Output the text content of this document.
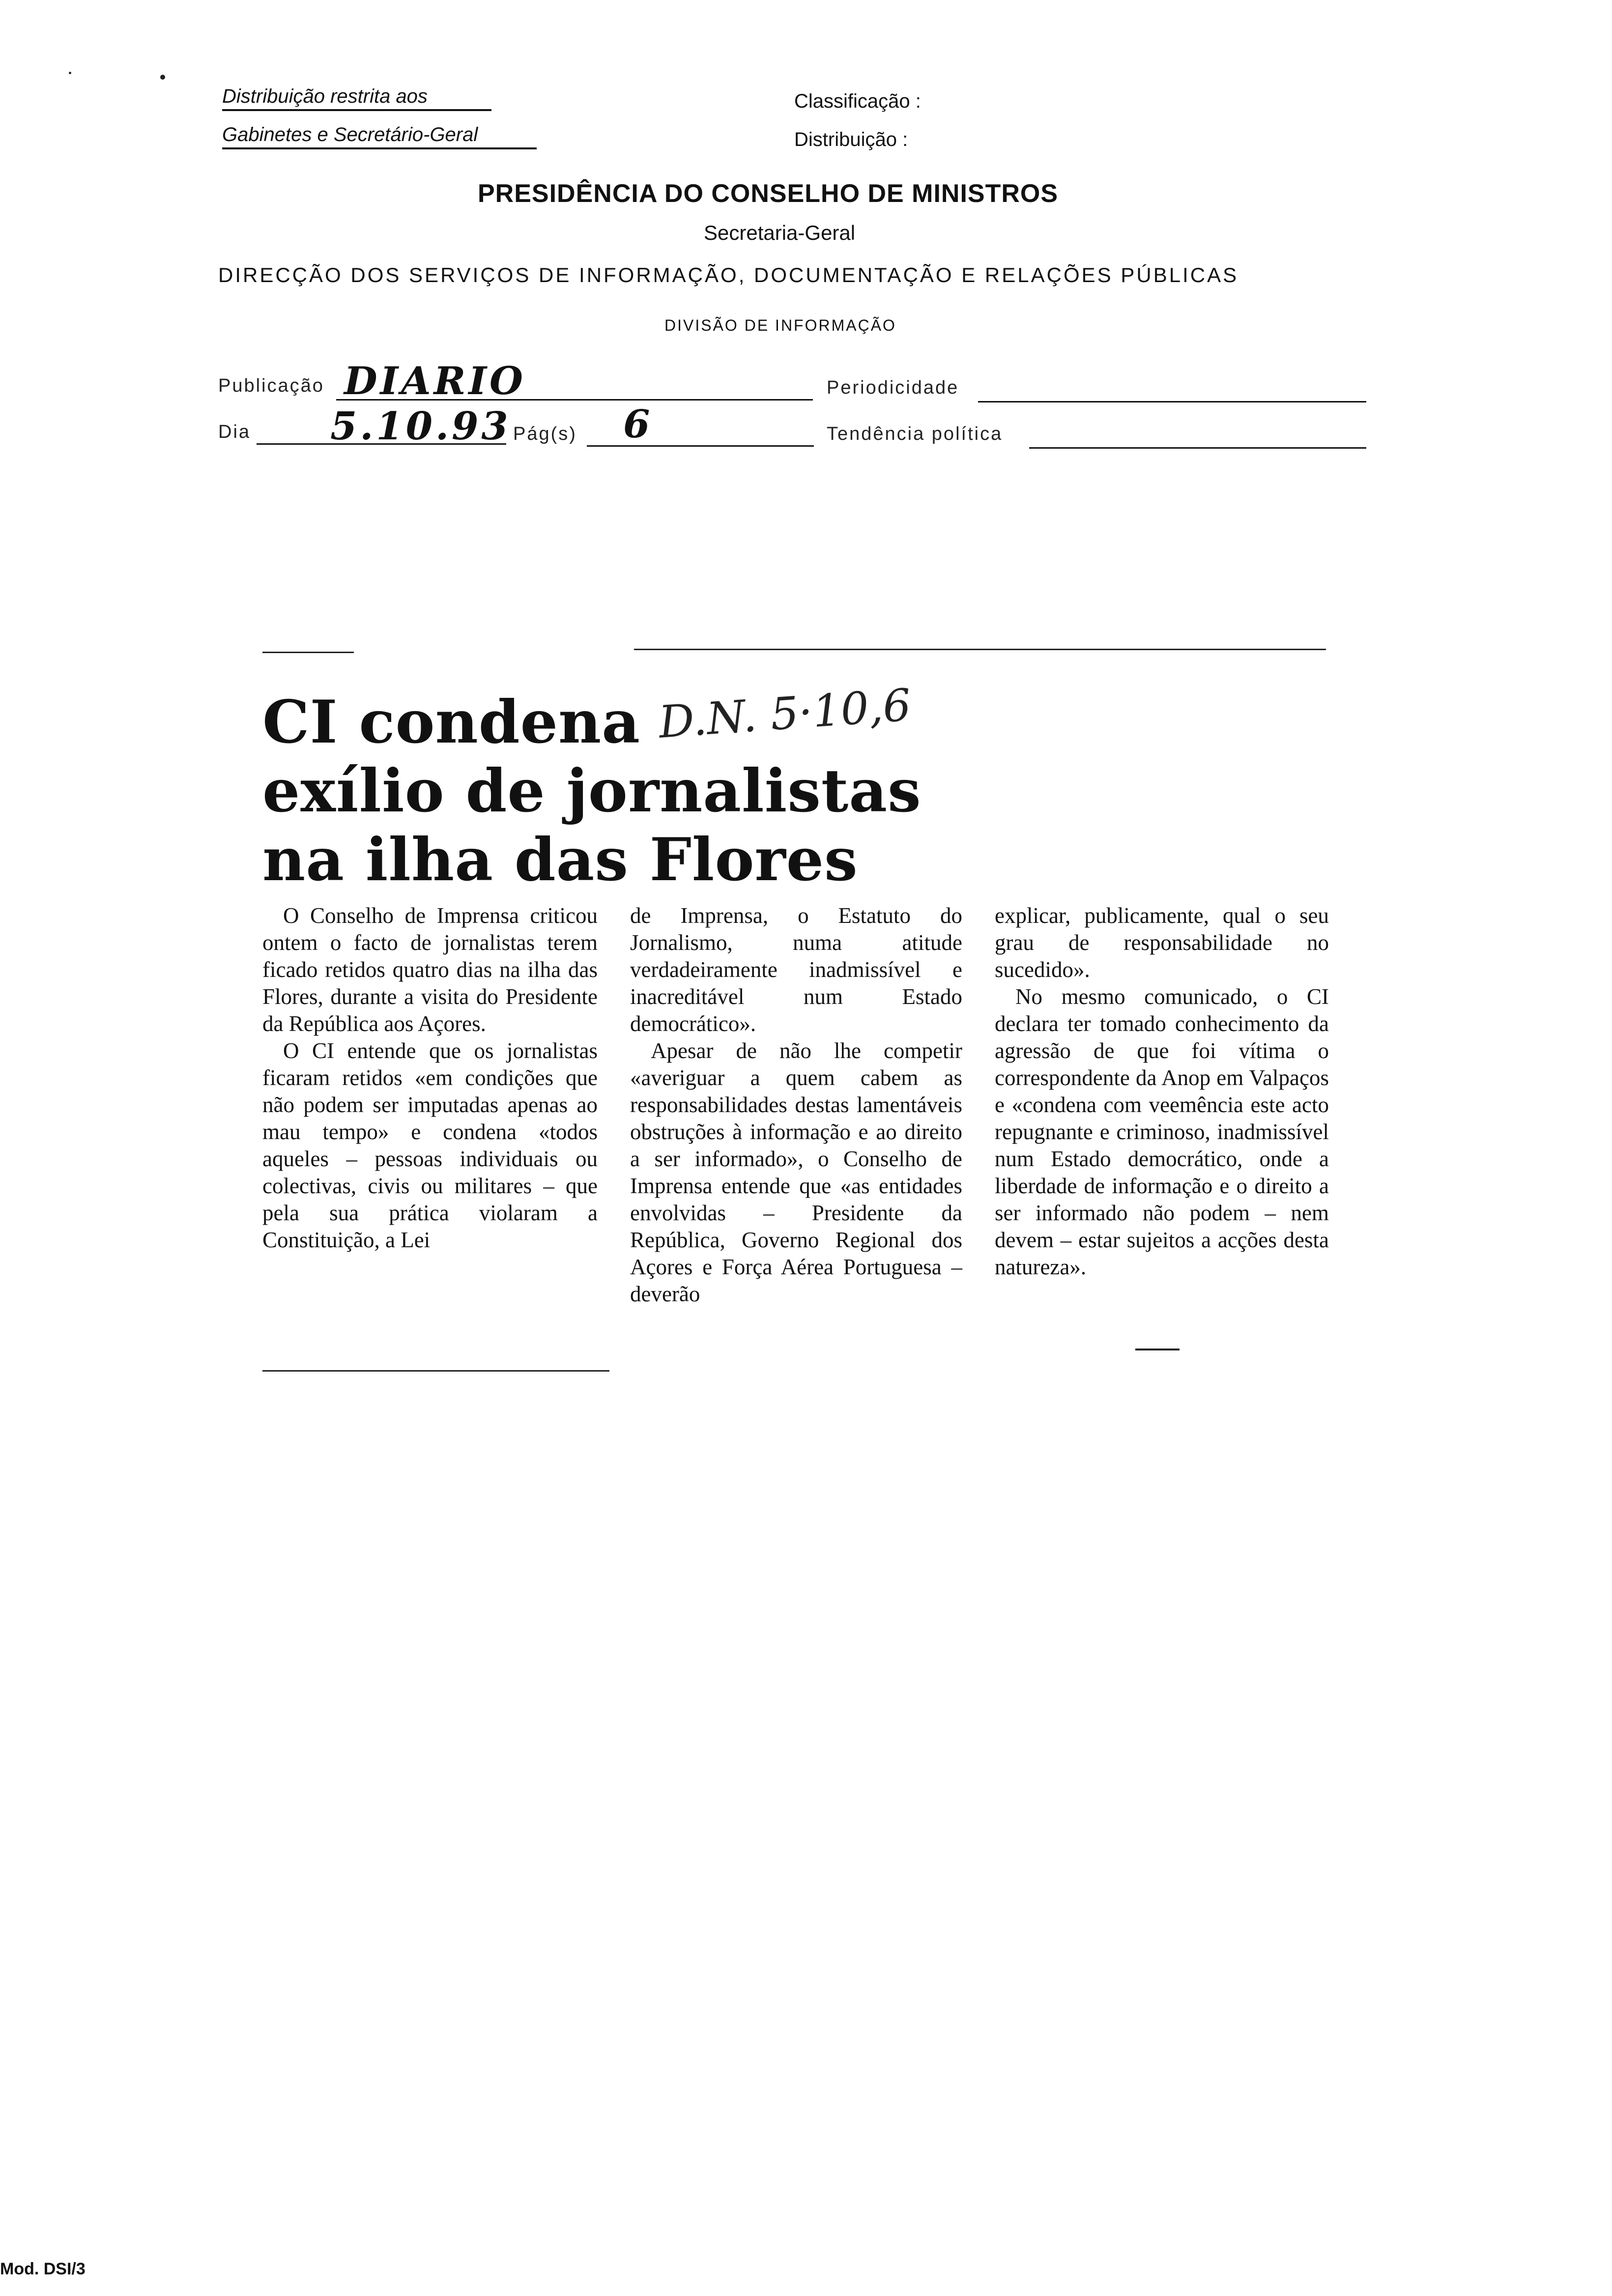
Distribuição restrita aos
Gabinetes e Secretário-Geral
Classificação :
Distribuição :
PRESIDÊNCIA DO CONSELHO DE MINISTROS
Secretaria-Geral
DIRECÇÃO DOS SERVIÇOS DE INFORMAÇÃO, DOCUMENTAÇÃO E RELAÇÕES PÚBLICAS
DIVISÃO DE INFORMAÇÃO
Publicação DIARIO	Periodicidade
Dia 5.10.93 Pág(s) 6	Tendência política
CI condena
exílio de jornalistas
na ilha das Flores
D.N. 5·10,6

O Conselho de Imprensa criticou ontem o facto de jornalistas terem ficado retidos quatro dias na ilha das Flores, durante a visita do Presidente da República aos Açores.

O CI entende que os jornalistas ficaram retidos «em condições que não podem ser imputadas apenas ao mau tempo» e condena «todos aqueles – pessoas individuais ou colectivas, civis ou militares – que pela sua prática violaram a Constituição, a Lei

de Imprensa, o Estatuto do Jornalismo, numa atitude verdadeiramente inadmissível e inacreditável num Estado democrático».

Apesar de não lhe competir «averiguar a quem cabem as responsabilidades destas lamentáveis obstruções à informação e ao direito a ser informado», o Conselho de Imprensa entende que «as entidades envolvidas – Presidente da República, Governo Regional dos Açores e Força Aérea Portuguesa – deverão

explicar, publicamente, qual o seu grau de responsabilidade no sucedido».

No mesmo comunicado, o CI declara ter tomado conhecimento da agressão de que foi vítima o correspondente da Anop em Valpaços e «condena com veemência este acto repugnante e criminoso, inadmissível num Estado democrático, onde a liberdade de informação e o direito a ser informado não podem – nem devem – estar sujeitos a acções desta natureza».

Mod. DSI/3
